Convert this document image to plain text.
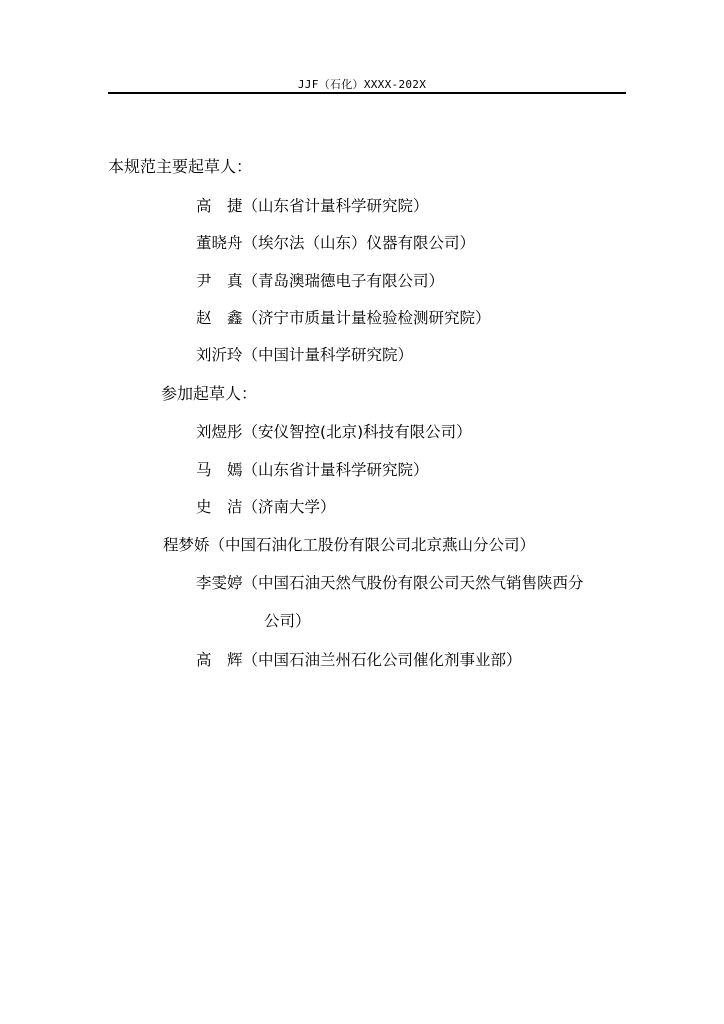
JJF（石化）XXXX-202X
本规范主要起草人：
高　捷（山东省计量科学研究院）
董晓舟（埃尔法（山东）仪器有限公司）
尹　真（青岛澳瑞德电子有限公司）
赵　鑫（济宁市质量计量检验检测研究院）
刘沂玲（中国计量科学研究院）
参加起草人：
刘煜彤（安仪智控(北京)科技有限公司）
马　嫣（山东省计量科学研究院）
史　洁（济南大学）
程梦娇（中国石油化工股份有限公司北京燕山分公司）
李雯婷（中国石油天然气股份有限公司天然气销售陕西分
公司）
高　辉（中国石油兰州石化公司催化剂事业部）
